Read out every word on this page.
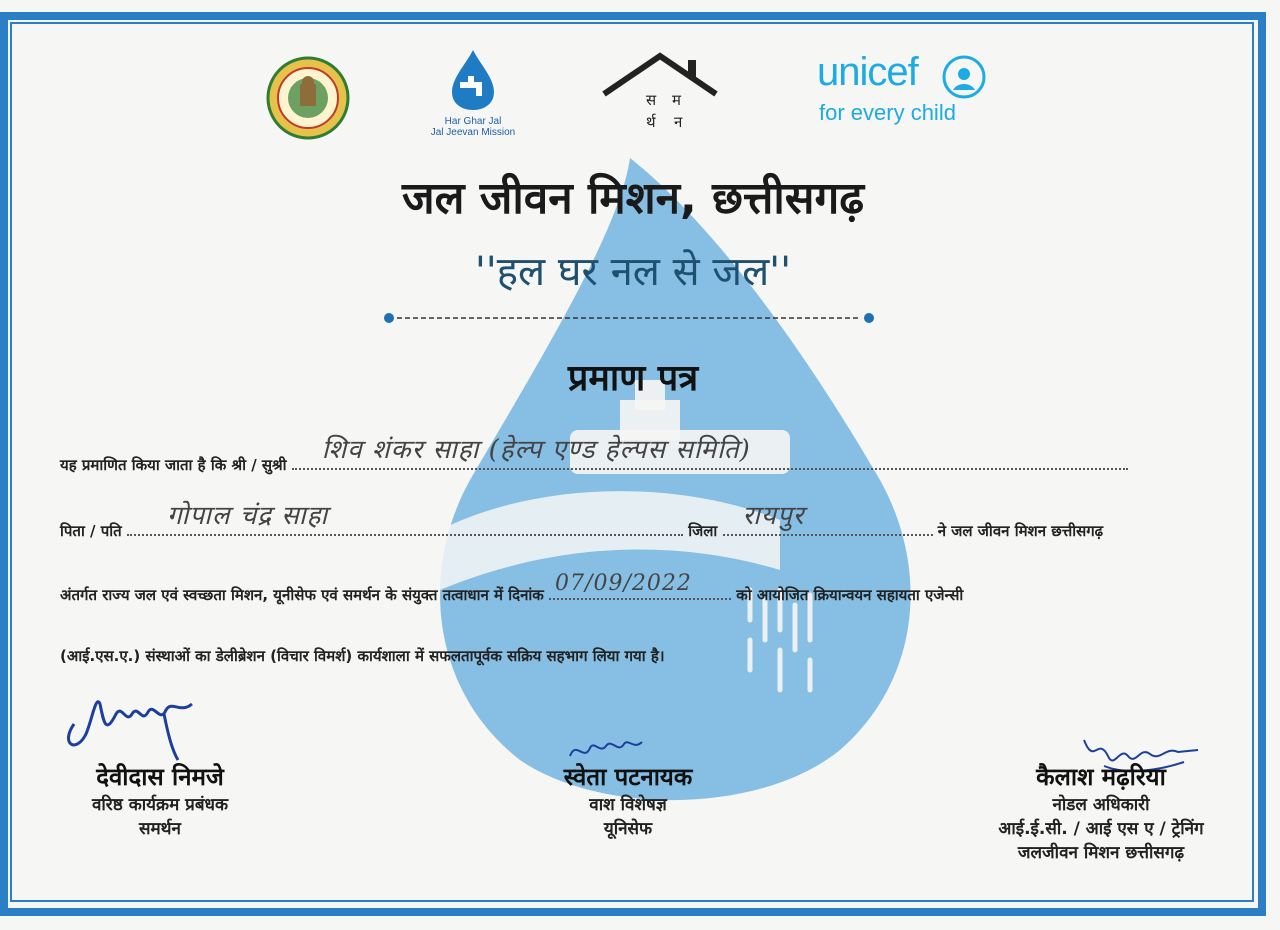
Har Ghar Jal
Jal Jeevan Mission
स म
र्थ न
unicef
for every child
जल जीवन मिशन, छत्तीसगढ़
''हल घर नल से जल''
प्रमाण पत्र
यह प्रमाणित किया जाता है कि श्री / सुश्री शिव शंकर साहा (हेल्प एण्ड हेल्पस समिति)
पिता / पति गोपाल चंद्र साहा	जिला रायपुर	ने जल जीवन मिशन छत्तीसगढ़
अंतर्गत राज्य जल एवं स्वच्छता मिशन, यूनीसेफ एवं समर्थन के संयुक्त तत्वाधान में दिनांक 07/09/2022	को आयोजित क्रियान्वयन सहायता एजेन्सी
(आई.एस.ए.) संस्थाओं का डेलीब्रेशन (विचार विमर्श) कार्यशाला में सफलतापूर्वक सक्रिय सहभाग लिया गया है।
देवीदास निमजे
वरिष्ठ कार्यक्रम प्रबंधक
समर्थन
स्वेता पटनायक
वाश विशेषज्ञ
यूनिसेफ
कैलाश मढ़रिया
नोडल अधिकारी
आई.ई.सी. / आई एस ए / ट्रेनिंग
जलजीवन मिशन छत्तीसगढ़
